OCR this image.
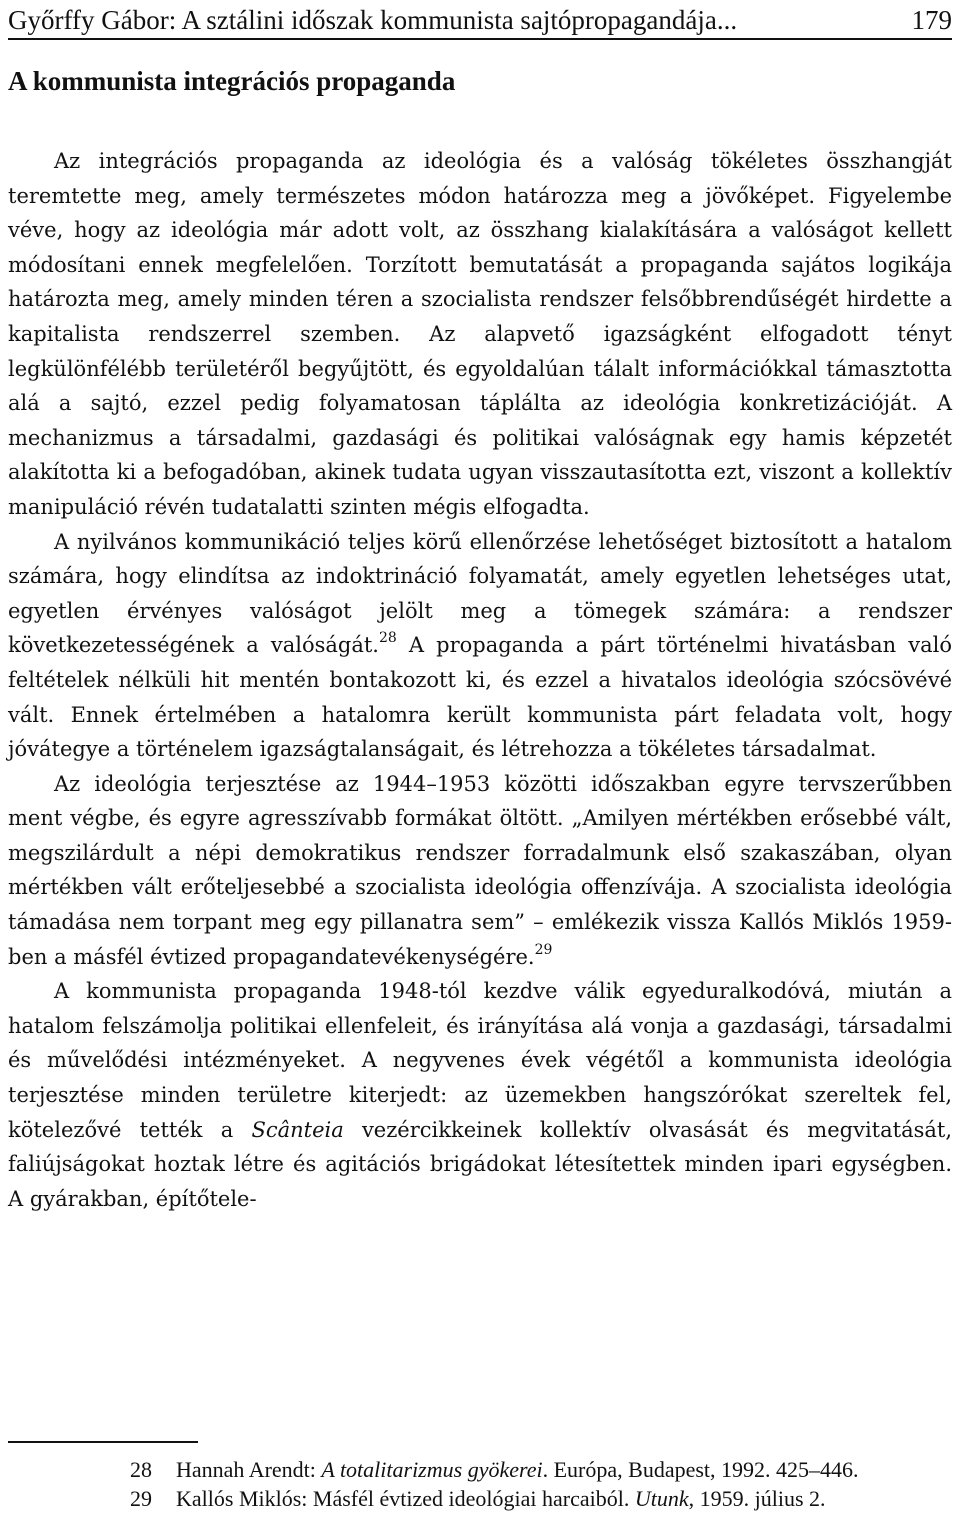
Győrffy Gábor: A sztálini időszak kommunista sajtópropagandája...	179
A kommunista integrációs propaganda

Az integrációs propaganda az ideológia és a valóság tökéletes összhangját teremtette meg, amely természetes módon határozza meg a jövőképet. Figyelembe véve, hogy az ideológia már adott volt, az összhang kialakítására a valóságot kellett módosítani ennek megfelelően. Torzított bemutatását a propaganda sajátos logikája határozta meg, amely minden téren a szocialista rendszer felsőbbrendűségét hirdette a kapitalista rendszerrel szemben. Az alapvető igazságként elfogadott tényt legkülönfélébb területéről begyűjtött, és egyoldalúan tálalt információkkal támasztotta alá a sajtó, ezzel pedig folyamatosan táplálta az ideológia konkretizációját. A mechanizmus a társadalmi, gazdasági és politikai valóságnak egy hamis képzetét alakította ki a befogadóban, akinek tudata ugyan visszautasította ezt, viszont a kollektív manipuláció révén tudatalatti szinten mégis elfogadta.

A nyilvános kommunikáció teljes körű ellenőrzése lehetőséget biztosított a hatalom számára, hogy elindítsa az indoktrináció folyamatát, amely egyetlen lehetséges utat, egyetlen érvényes valóságot jelölt meg a tömegek számára: a rendszer következetességének a valóságát.$^{28}$ A propaganda a párt történelmi hivatásban való feltételek nélküli hit mentén bontakozott ki, és ezzel a hivatalos ideológia szócsövévé vált. Ennek értelmében a hatalomra került kommunista párt feladata volt, hogy jóvátegye a történelem igazságtalanságait, és létrehozza a tökéletes társadalmat.

Az ideológia terjesztése az 1944–1953 közötti időszakban egyre tervszerűbben ment végbe, és egyre agresszívabb formákat öltött. „Amilyen mértékben erősebbé vált, megszilárdult a népi demokratikus rendszer forradalmunk első szakaszában, olyan mértékben vált erőteljesebbé a szocialista ideológia offenzívája. A szocialista ideológia támadása nem torpant meg egy pillanatra sem” – emlékezik vissza Kallós Miklós 1959-ben a másfél évtized propagandatevékenységére.$^{29}$

A kommunista propaganda 1948-tól kezdve válik egyeduralkodóvá, miután a hatalom felszámolja politikai ellenfeleit, és irányítása alá vonja a gazdasági, társadalmi és művelődési intézményeket. A negyvenes évek végétől a kommunista ideológia terjesztése minden területre kiterjedt: az üzemekben hangszórókat szereltek fel, kötelezővé tették a Scânteia vezércikkeinek kollektív olvasását és megvitatását, faliújságokat hoztak létre és agitációs brigádokat létesítettek minden ipari egységben. A gyárakban, építőtele-

28	Hannah Arendt: A totalitarizmus gyökerei. Európa, Budapest, 1992. 425–446.
29	Kallós Miklós: Másfél évtized ideológiai harcaiból. Utunk, 1959. július 2.
